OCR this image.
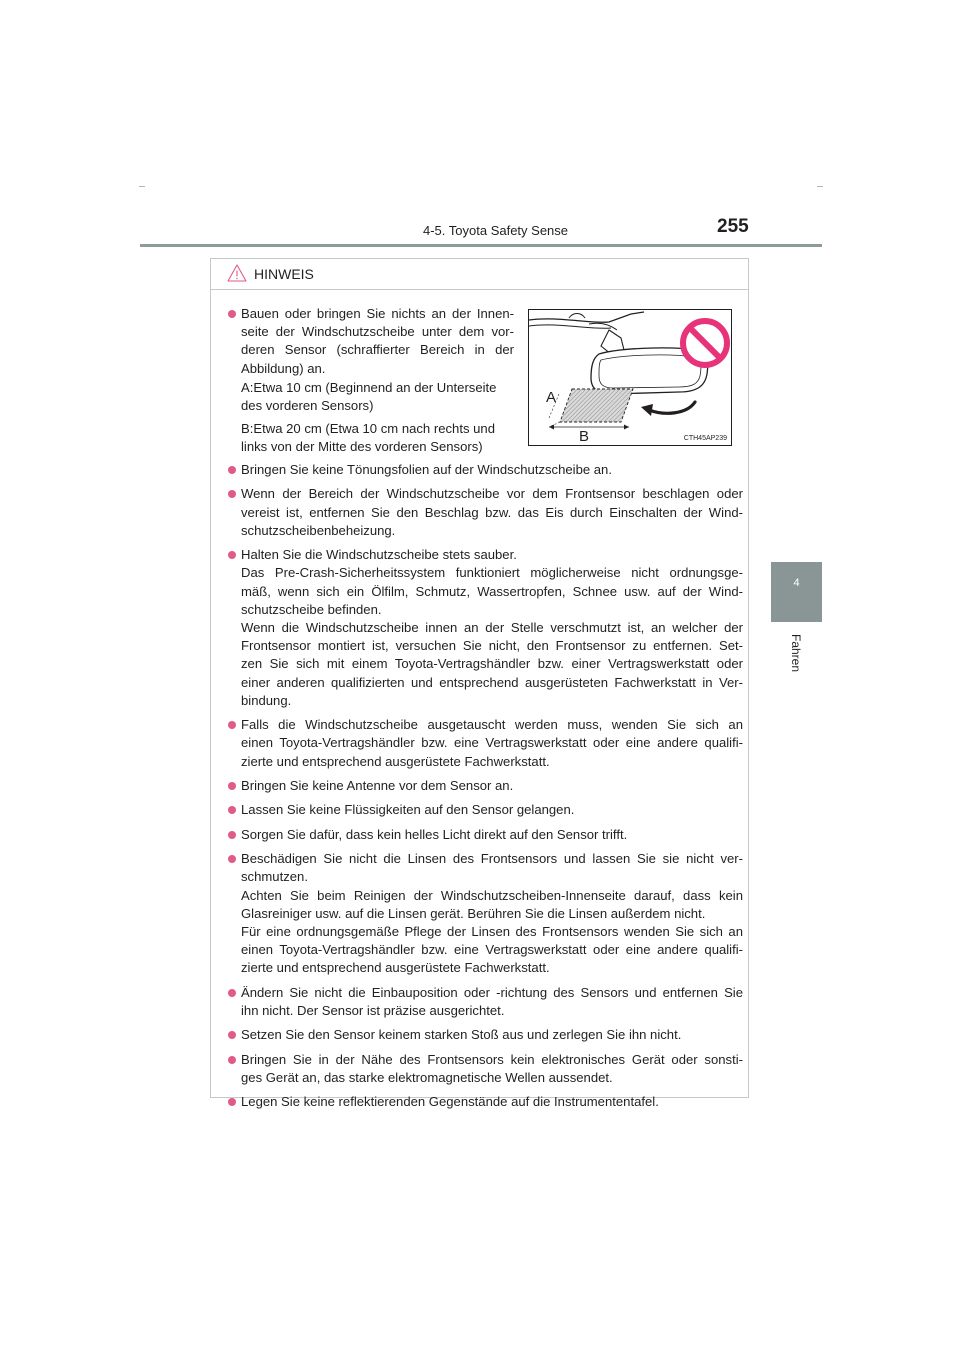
4-5. Toyota Safety Sense	255
4
Fahren
HINWEIS

Bauen oder bringen Sie nichts an der Innen-
seite der Windschutzscheibe unter dem vor-
deren Sensor (schraffierter Bereich in der
Abbildung) an.

A:Etwa 10 cm (Beginnend an der Unterseite
des vorderen Sensors)
B:Etwa 20 cm (Etwa 10 cm nach rechts und
links von der Mitte des vorderen Sensors)
A
B	CTH45AP239
Bringen Sie keine Tönungsfolien auf der Windschutzscheibe an.
Wenn der Bereich der Windschutzscheibe vor dem Frontsensor beschlagen oder
vereist ist, entfernen Sie den Beschlag bzw. das Eis durch Einschalten der Wind-
schutzscheibenbeheizung.
Halten Sie die Windschutzscheibe stets sauber.
Das Pre-Crash-Sicherheitssystem funktioniert möglicherweise nicht ordnungsge-
mäß, wenn sich ein Ölfilm, Schmutz, Wassertropfen, Schnee usw. auf der Wind-
schutzscheibe befinden.
Wenn die Windschutzscheibe innen an der Stelle verschmutzt ist, an welcher der
Frontsensor montiert ist, versuchen Sie nicht, den Frontsensor zu entfernen. Set-
zen Sie sich mit einem Toyota-Vertragshändler bzw. einer Vertragswerkstatt oder
einer anderen qualifizierten und entsprechend ausgerüsteten Fachwerkstatt in Ver-
bindung.
Falls die Windschutzscheibe ausgetauscht werden muss, wenden Sie sich an
einen Toyota-Vertragshändler bzw. eine Vertragswerkstatt oder eine andere qualifi-
zierte und entsprechend ausgerüstete Fachwerkstatt.
Bringen Sie keine Antenne vor dem Sensor an.
Lassen Sie keine Flüssigkeiten auf den Sensor gelangen.
Sorgen Sie dafür, dass kein helles Licht direkt auf den Sensor trifft.
Beschädigen Sie nicht die Linsen des Frontsensors und lassen Sie sie nicht ver-
schmutzen.
Achten Sie beim Reinigen der Windschutzscheiben-Innenseite darauf, dass kein
Glasreiniger usw. auf die Linsen gerät. Berühren Sie die Linsen außerdem nicht.
Für eine ordnungsgemäße Pflege der Linsen des Frontsensors wenden Sie sich an
einen Toyota-Vertragshändler bzw. eine Vertragswerkstatt oder eine andere qualifi-
zierte und entsprechend ausgerüstete Fachwerkstatt.
Ändern Sie nicht die Einbauposition oder -richtung des Sensors und entfernen Sie
ihn nicht. Der Sensor ist präzise ausgerichtet.
Setzen Sie den Sensor keinem starken Stoß aus und zerlegen Sie ihn nicht.
Bringen Sie in der Nähe des Frontsensors kein elektronisches Gerät oder sonsti-
ges Gerät an, das starke elektromagnetische Wellen aussendet.
Legen Sie keine reflektierenden Gegenstände auf die Instrumententafel.
